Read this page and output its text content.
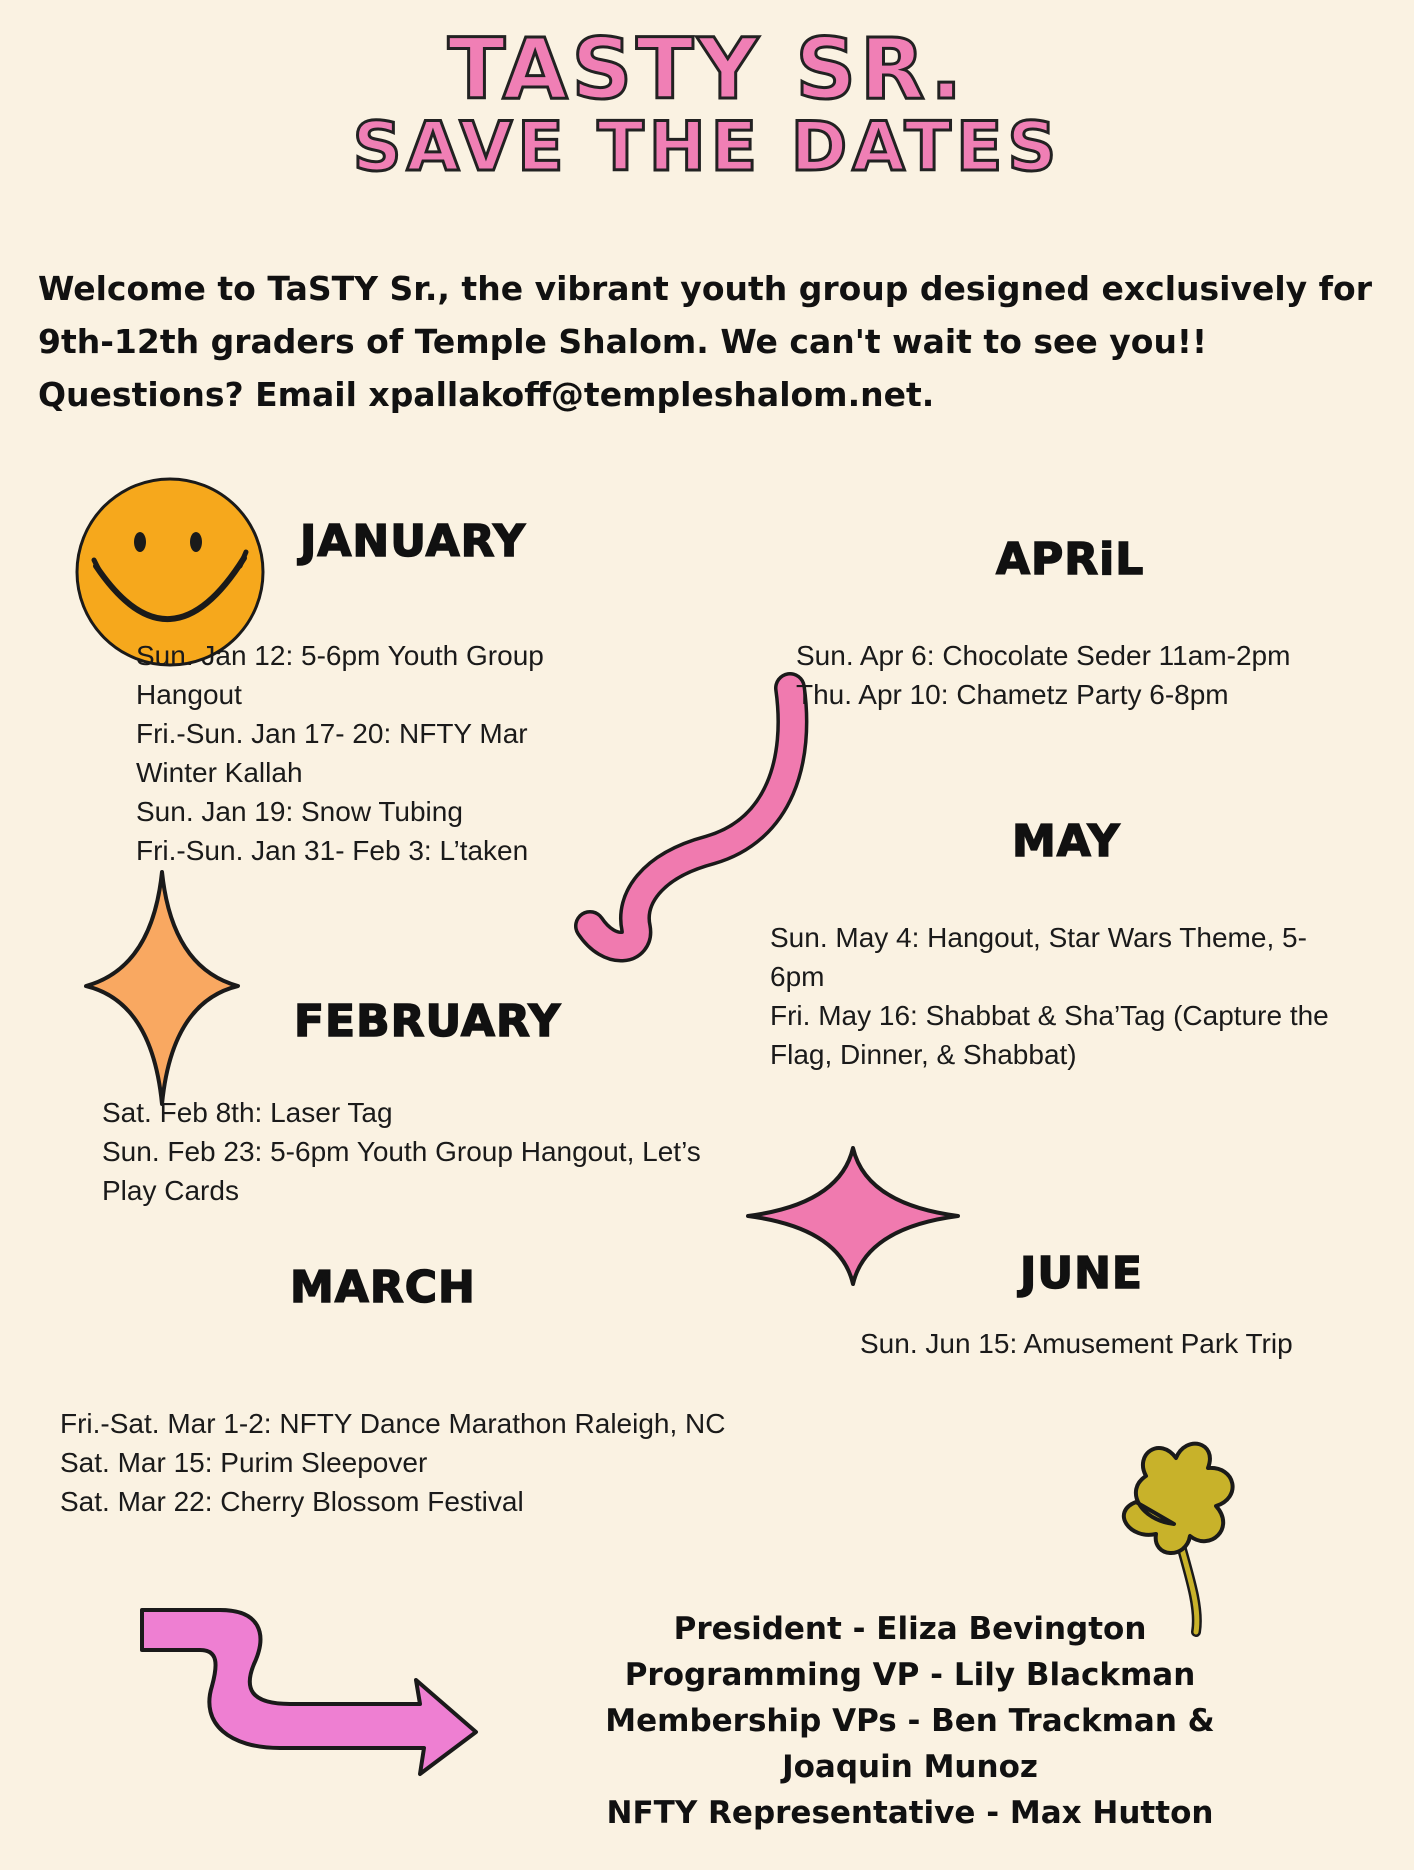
TASTY SR.
SAVE THE DATES
Welcome to TaSTY Sr., the vibrant youth group designed exclusively for
9th-12th graders of Temple Shalom. We can't wait to see you!!
Questions? Email xpallakoff@templeshalom.net.
JANUARY
Sun. Jan 12: 5-6pm Youth Group Hangout
Fri.-Sun. Jan 17- 20: NFTY Mar Winter Kallah
Sun. Jan 19: Snow Tubing
Fri.-Sun. Jan 31- Feb 3: L’taken
FEBRUARY
Sat. Feb 8th: Laser Tag
Sun. Feb 23: 5-6pm Youth Group Hangout, Let’s Play Cards
MARCH
Fri.-Sat. Mar 1-2: NFTY Dance Marathon Raleigh, NC
Sat. Mar 15: Purim Sleepover
Sat. Mar 22: Cherry Blossom Festival
APRiL
Sun. Apr 6: Chocolate Seder 11am-2pm
Thu. Apr 10: Chametz Party 6-8pm
MAY
Sun. May 4: Hangout, Star Wars Theme, 5-6pm
Fri. May 16: Shabbat & Sha’Tag (Capture the Flag, Dinner, & Shabbat)
JUNE
Sun. Jun 15: Amusement Park Trip
President - Eliza Bevington
Programming VP - Lily Blackman
Membership VPs - Ben Trackman &
Joaquin Munoz
NFTY Representative - Max Hutton
